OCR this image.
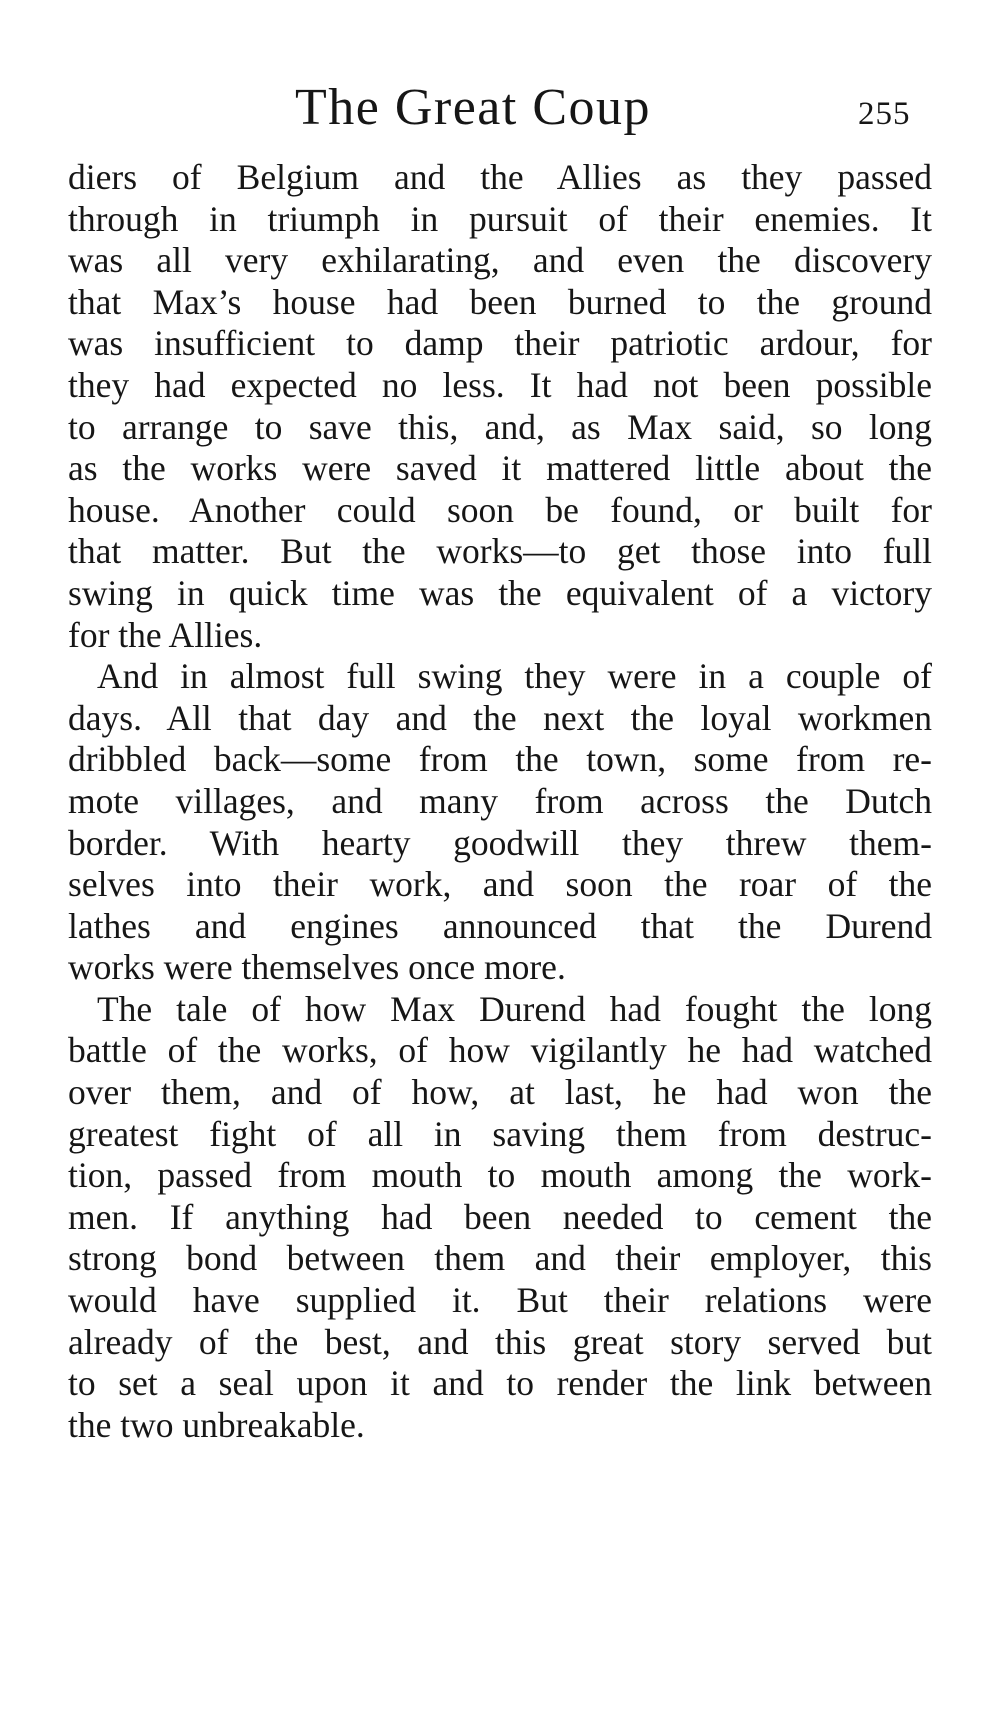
The Great Coup	255
diers of Belgium and the Allies as they passed
through in triumph in pursuit of their enemies. It
was all very exhilarating, and even the discovery
that Max’s house had been burned to the ground
was insufficient to damp their patriotic ardour, for
they had expected no less. It had not been possible
to arrange to save this, and, as Max said, so long
as the works were saved it mattered little about the
house. Another could soon be found, or built for
that matter. But the works—to get those into full
swing in quick time was the equivalent of a victory
for the Allies.
And in almost full swing they were in a couple of
days. All that day and the next the loyal workmen
dribbled back—some from the town, some from re-
mote villages, and many from across the Dutch
border. With hearty goodwill they threw them-
selves into their work, and soon the roar of the
lathes and engines announced that the Durend
works were themselves once more.
The tale of how Max Durend had fought the long
battle of the works, of how vigilantly he had watched
over them, and of how, at last, he had won the
greatest fight of all in saving them from destruc-
tion, passed from mouth to mouth among the work-
men. If anything had been needed to cement the
strong bond between them and their employer, this
would have supplied it. But their relations were
already of the best, and this great story served but
to set a seal upon it and to render the link between
the two unbreakable.
